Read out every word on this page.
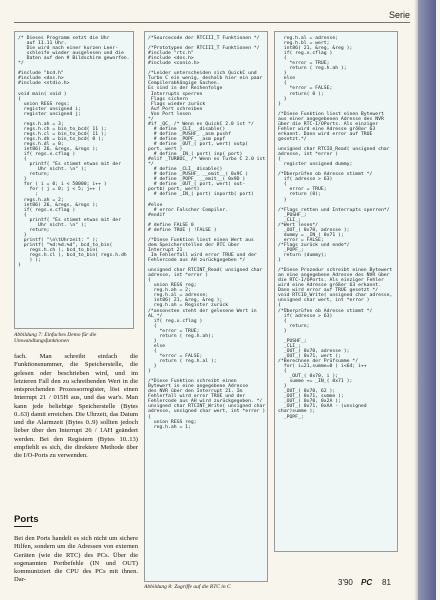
Serie
/* Dieses Programm setzt die Uhr
auf 11.11 Uhr.
Die wird nach einer kurzen Leer-
schleife wieder ausgelesen und die
Daten auf den # Bildschirm geworfen.
*/
#include "bcd.h"
#include <dos.h>
#include <stdio.h>
void main( void )
{
union REGS regs;
register unsigned i;
register unsigned j;
regs.h.ah = 3;
regs.h.ch = bin_to_bcd( 11 );
regs.h.cl = bin_to_bcd( 11 );
regs.h.dh = bin_to_bcd( 0 );
regs.h.dl = 0;
int86( 26, &regs, &regs );
if( regs.x.cflag )
{
printf( "Es stimmt etwas mit der
Uhr nicht. \n" );
return;
}
for ( i = 0; i < 50000; i++ )
for ( j = 0; j < 5; j++ )
;
regs.h.ah = 2;
int86( 26, &regs, &regs );
if( regs.x.cflag )
{
printf( "Es stimmt etwas mit der
Uhr nicht. \n" );
return;
}
printf( "\n\tUhrzeit: " );
printf( "%d:%d.%d", bcd_to_bin(
regs.h.ch ), bcd_to_bin(
regs.h.cl ), bcd_to_bin( regs.h.dh
) );
}
Abbildung 7: Einfaches Demo für die Umwandlungsfunktionen
fach. Man schreibt einfach die Funktionsnummer, die Speicherstelle, die gelesen oder beschrieben wird, und im letzteren Fall den zu schreibenden Wert in die entsprechenden Prozessorregister, löst einen Interrupt 21 / 015H aus, und das war's. Man kann jede beliebige Speicherstelle (Bytes 0..63) damit erreichen. Die Uhrzeit, das Datum und die Alarmzeit (Bytes 0..9) sollten jedoch lieber über den Interrupt 26 / 1AH geändert werden. Bei den Registern (Bytes 10..13) empfiehlt es sich, die direktere Methode über die I/O-Ports zu verwenden.
Ports
Bei den Ports handelt es sich nicht um sichere Hilfen, sondern um die Adressen von externen Geräten (wie die RTC) des PCs. Über die sogenannten Portbefehle (IN und OUT) kommuniziert die CPU des PCs mit ihnen. Dar-
/*Sourcecode der RTCIII_T Funktionen */
/*Prototypen der RTCIII_T Funktionen */
#include "rtc.h"
#include <dos.h>
#include <conio.h>
/*Leider unterscheiden sich QuickC und
Turbo C ein wenig, deshalb hier ein paar
Compilerabhängige Sachen.
Es sind in der Reihenfolge
Interrupts sperren
Flags sichern
Flags wieder zurück
Auf Port schreiben
Von Port lesen
*/
#if _QC_ /* Wenn es QuickC 2.0 ist */
# define _CLI_ _disable()
# define _PUSHF_ _asm pushf
# define _POPF_ _asm popf
# define _OUT_( port, wert) outp(
port, wert )
# define _IN_( port) inp( port)
#elif _TURBOC_ /* Wenn es Turbo C 2.0 ist
*/
# define _CLI_ disable()
# define _PUSHF_ __emit__( 0x9C )
# define _POPF_ __emit__( 0x9D )
# define _OUT_( port, wert) out-
portb( port, wert)
# define _IN_( port) inportb( port)
#else
# error Falscher Compiler.
#endif
# define FALSE 0
# define TRUE ( !FALSE )
/*Diese Funktion liest einen Wert aus
dem Speicherstellen der RTC über
Interrupt 21
Im Fehlerfall wird error TRUE und der
Fehlercode aus AH zurückgegeben */
unsigned char RTCINT_Read( unsigned char
adresse, int *error )
{
union REGS reg;
reg.h.ah = 2;
reg.h.al = adresse;
int86( 21, &reg, &reg );
reg.h.ah = Register zurück
/*ansonsten steht der gelesene Wert in
AL */
if( reg.x.cflag )
{
*error = TRUE;
return ( reg.h.ah);
}
else
{
*error = FALSE;
return ( reg.h.al );
}
}
/*Diese Funktion schreibt einen
Bytewert in eine angegebene Adresse
des NVR über den Interrupt 21. Im
Fehlerfall wird error TRUE und der
Fehlercode aus AH wird zurückgegeben. */
unsigned char RTCINT_Write( unsigned char
adresse, unsigned char wert, int *error )
{
union REGS reg;
reg.h.ah = 1;
Abbildung 8: Zugriffe auf die RTC in C
reg.h.al = adresse;
reg.h.bl = wert;
int86( 21, &reg, &reg );
if( reg.x.cflag )
{
*error = TRUE;
return ( reg.h.ah );
}
else
{
*error = FALSE;
return( 0 );
}
}
/*Diese Funktion liest einen Bytewert
aus einer angegebenen Adresse des NVR
über die RTC-I/OPorts. Als einziger
Fehler wird eine Adresse größer 63
erkannt. Dann wird error auf TRUE
gesetzt.*/
unsigned char RTCIO_Read( unsigned char
adresse, int *error )
{
register unsigned dummy;
/*Überprüfen ob Adresse stimmt */
if( adresse > 63)
{
error = TRUE;
return (0);
}
/*Flags retten und Interrupts sperren*/
_PUSHF_;
_CLI_;
/*Wert lesen*/
_OUT_( 0x70, adresse );
dummy = _IN_( 0x71 );
error = FALSE;
/*Flags zurück und ende*/
_POPF_;
return (dummy);
}
/*Diese Prozedur schreibt einen Bytewert
an eine angegebene Adresse des NVR über
die RTC-I/OPorts. Als einziger Fehler
wird eine Adresse größer 63 erkannt.
Dann wird error auf TRUE gesetzt */
void RTCIO_Write( unsigned char adresse,
unsigned char wert, int *error )
{
/*Überprüfen ob Adresse stimmt */
if( adresse > 63)
{
return;
}
_PUSHF_;
_CLI_;
_OUT_( 0x70, adresse );
_OUT_( 0x71, wert );
/*Berechnen der Prüfsumme */
for( i=21,summe=0 ) i<64; i++
{
_OUT_( 0x70, i );
summe += _IN_( 0x71 );
}
_OUT_( 0x70, 62 );
_OUT_( 0x71, summe );
_OUT_( 0x70, 0x2A );
_OUT_( 0x71, 0xAA - (unsigned
char)summe );
_POPF_;
3'90 PC 81
